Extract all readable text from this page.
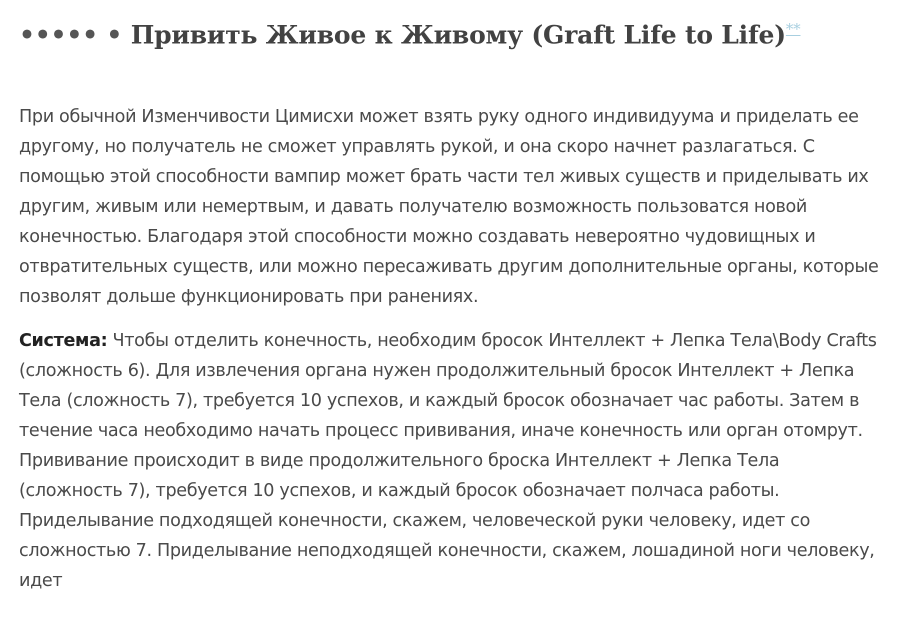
••••• • Привить Живое к Живому (Graft Life to Life)**

При обычной Изменчивости Цимисхи может взять руку одного индивидуума и приделать ее другому, но получатель не сможет управлять рукой, и она скоро начнет разлагаться. С помощью этой способности вампир может брать части тел живых существ и приделывать их другим, живым или немертвым, и давать получателю возможность пользоватся новой конечностью. Благодаря этой способности можно создавать невероятно чудовищных и отвратительных существ, или можно пересаживать другим дополнительные органы, которые позволят дольше функционировать при ранениях.

Система: Чтобы отделить конечность, необходим бросок Интеллект + Лепка Тела\Body Crafts (сложность 6). Для извлечения органа нужен продолжительный бросок Интеллект + Лепка Тела (сложность 7), требуется 10 успехов, и каждый бросок обозначает час работы. Затем в течение часа необходимо начать процесс прививания, иначе конечность или орган отомрут. Прививание происходит в виде продолжительного броска Интеллект + Лепка Тела (сложность 7), требуется 10 успехов, и каждый бросок обозначает полчаса работы. Приделывание подходящей конечности, скажем, человеческой руки человеку, идет со сложностью 7. Приделывание неподходящей конечности, скажем, лошадиной ноги человеку, идет
